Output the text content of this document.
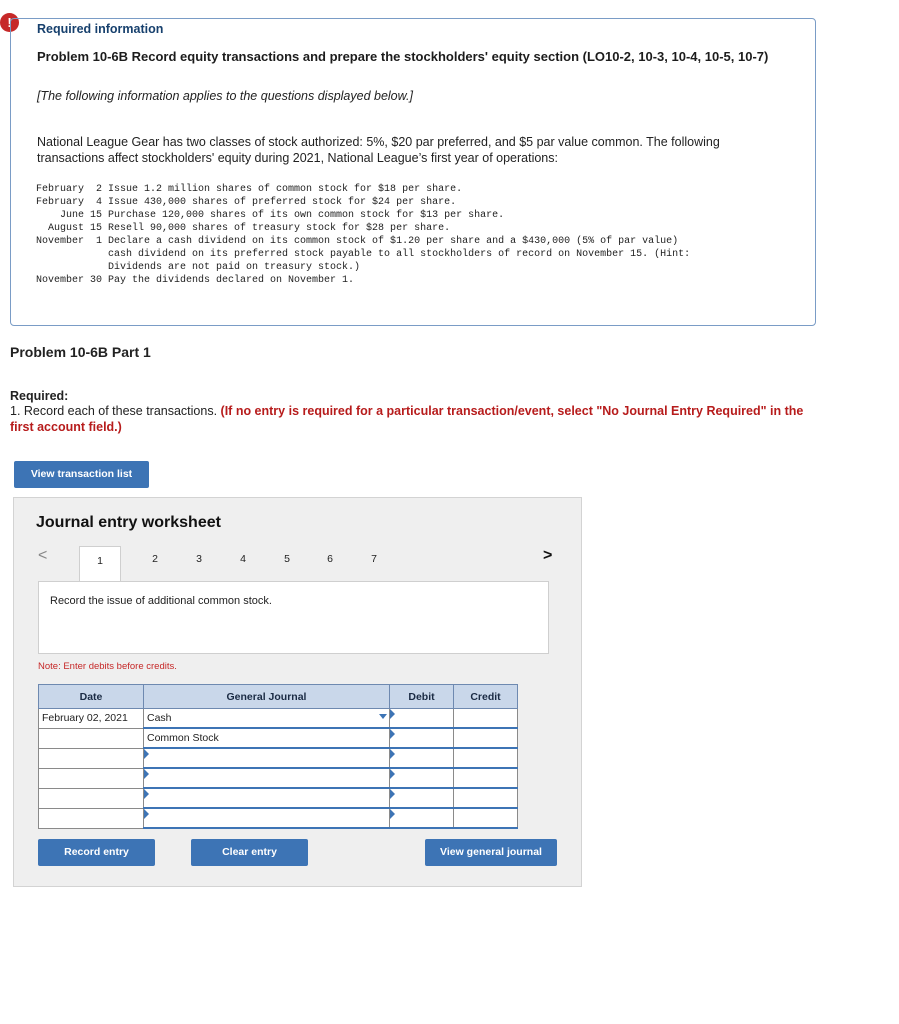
!	Required information
Problem 10-6B Record equity transactions and prepare the stockholders' equity section (LO10-2, 10-3, 10-4, 10-5, 10-7)
[The following information applies to the questions displayed below.]
National League Gear has two classes of stock authorized: 5%, $20 par preferred, and $5 par value common. The following transactions affect stockholders' equity during 2021, National League’s first year of operations:
February  2	Issue 1.2 million shares of common stock for $18 per share.
February  4	Issue 430,000 shares of preferred stock for $24 per share.
June 15	Purchase 120,000 shares of its own common stock for $13 per share.
August 15	Resell 90,000 shares of treasury stock for $28 per share.
November  1	Declare a cash dividend on its common stock of $1.20 per share and a $430,000 (5% of par value)
cash dividend on its preferred stock payable to all stockholders of record on November 15. (Hint:
Dividends are not paid on treasury stock.)
November 30	Pay the dividends declared on November 1.
Problem 10-6B Part 1
Required:
1. Record each of these transactions. (If no entry is required for a particular transaction/event, select "No Journal Entry Required" in the first account field.)
View transaction list
Journal entry worksheet
<	>
1	2	3	4	5	6	7
Record the issue of additional common stock.
Note: Enter debits before credits.
Date	General Journal	Debit	Credit
February 02, 2021	Cash

	Common Stock	

Record entry	Clear entry	View general journal
